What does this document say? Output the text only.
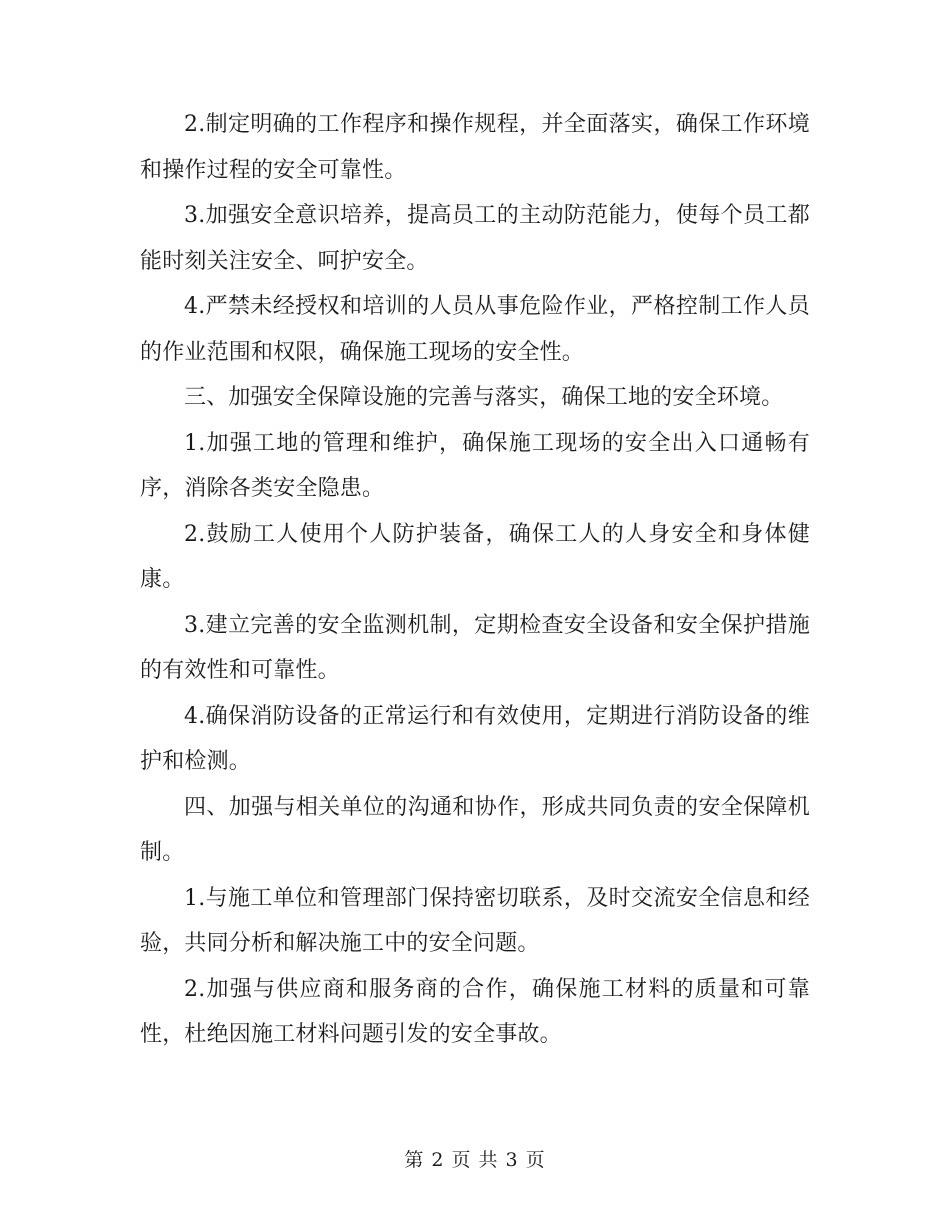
2.制定明确的工作程序和操作规程，并全面落实，确保工作环境和操作过程的安全可靠性。

3.加强安全意识培养，提高员工的主动防范能力，使每个员工都能时刻关注安全、呵护安全。

4.严禁未经授权和培训的人员从事危险作业，严格控制工作人员的作业范围和权限，确保施工现场的安全性。

三、加强安全保障设施的完善与落实，确保工地的安全环境。

1.加强工地的管理和维护，确保施工现场的安全出入口通畅有序，消除各类安全隐患。

2.鼓励工人使用个人防护装备，确保工人的人身安全和身体健康。

3.建立完善的安全监测机制，定期检查安全设备和安全保护措施的有效性和可靠性。

4.确保消防设备的正常运行和有效使用，定期进行消防设备的维护和检测。

四、加强与相关单位的沟通和协作，形成共同负责的安全保障机制。

1.与施工单位和管理部门保持密切联系，及时交流安全信息和经验，共同分析和解决施工中的安全问题。

2.加强与供应商和服务商的合作，确保施工材料的质量和可靠性，杜绝因施工材料问题引发的安全事故。

第 2 页 共 3 页
